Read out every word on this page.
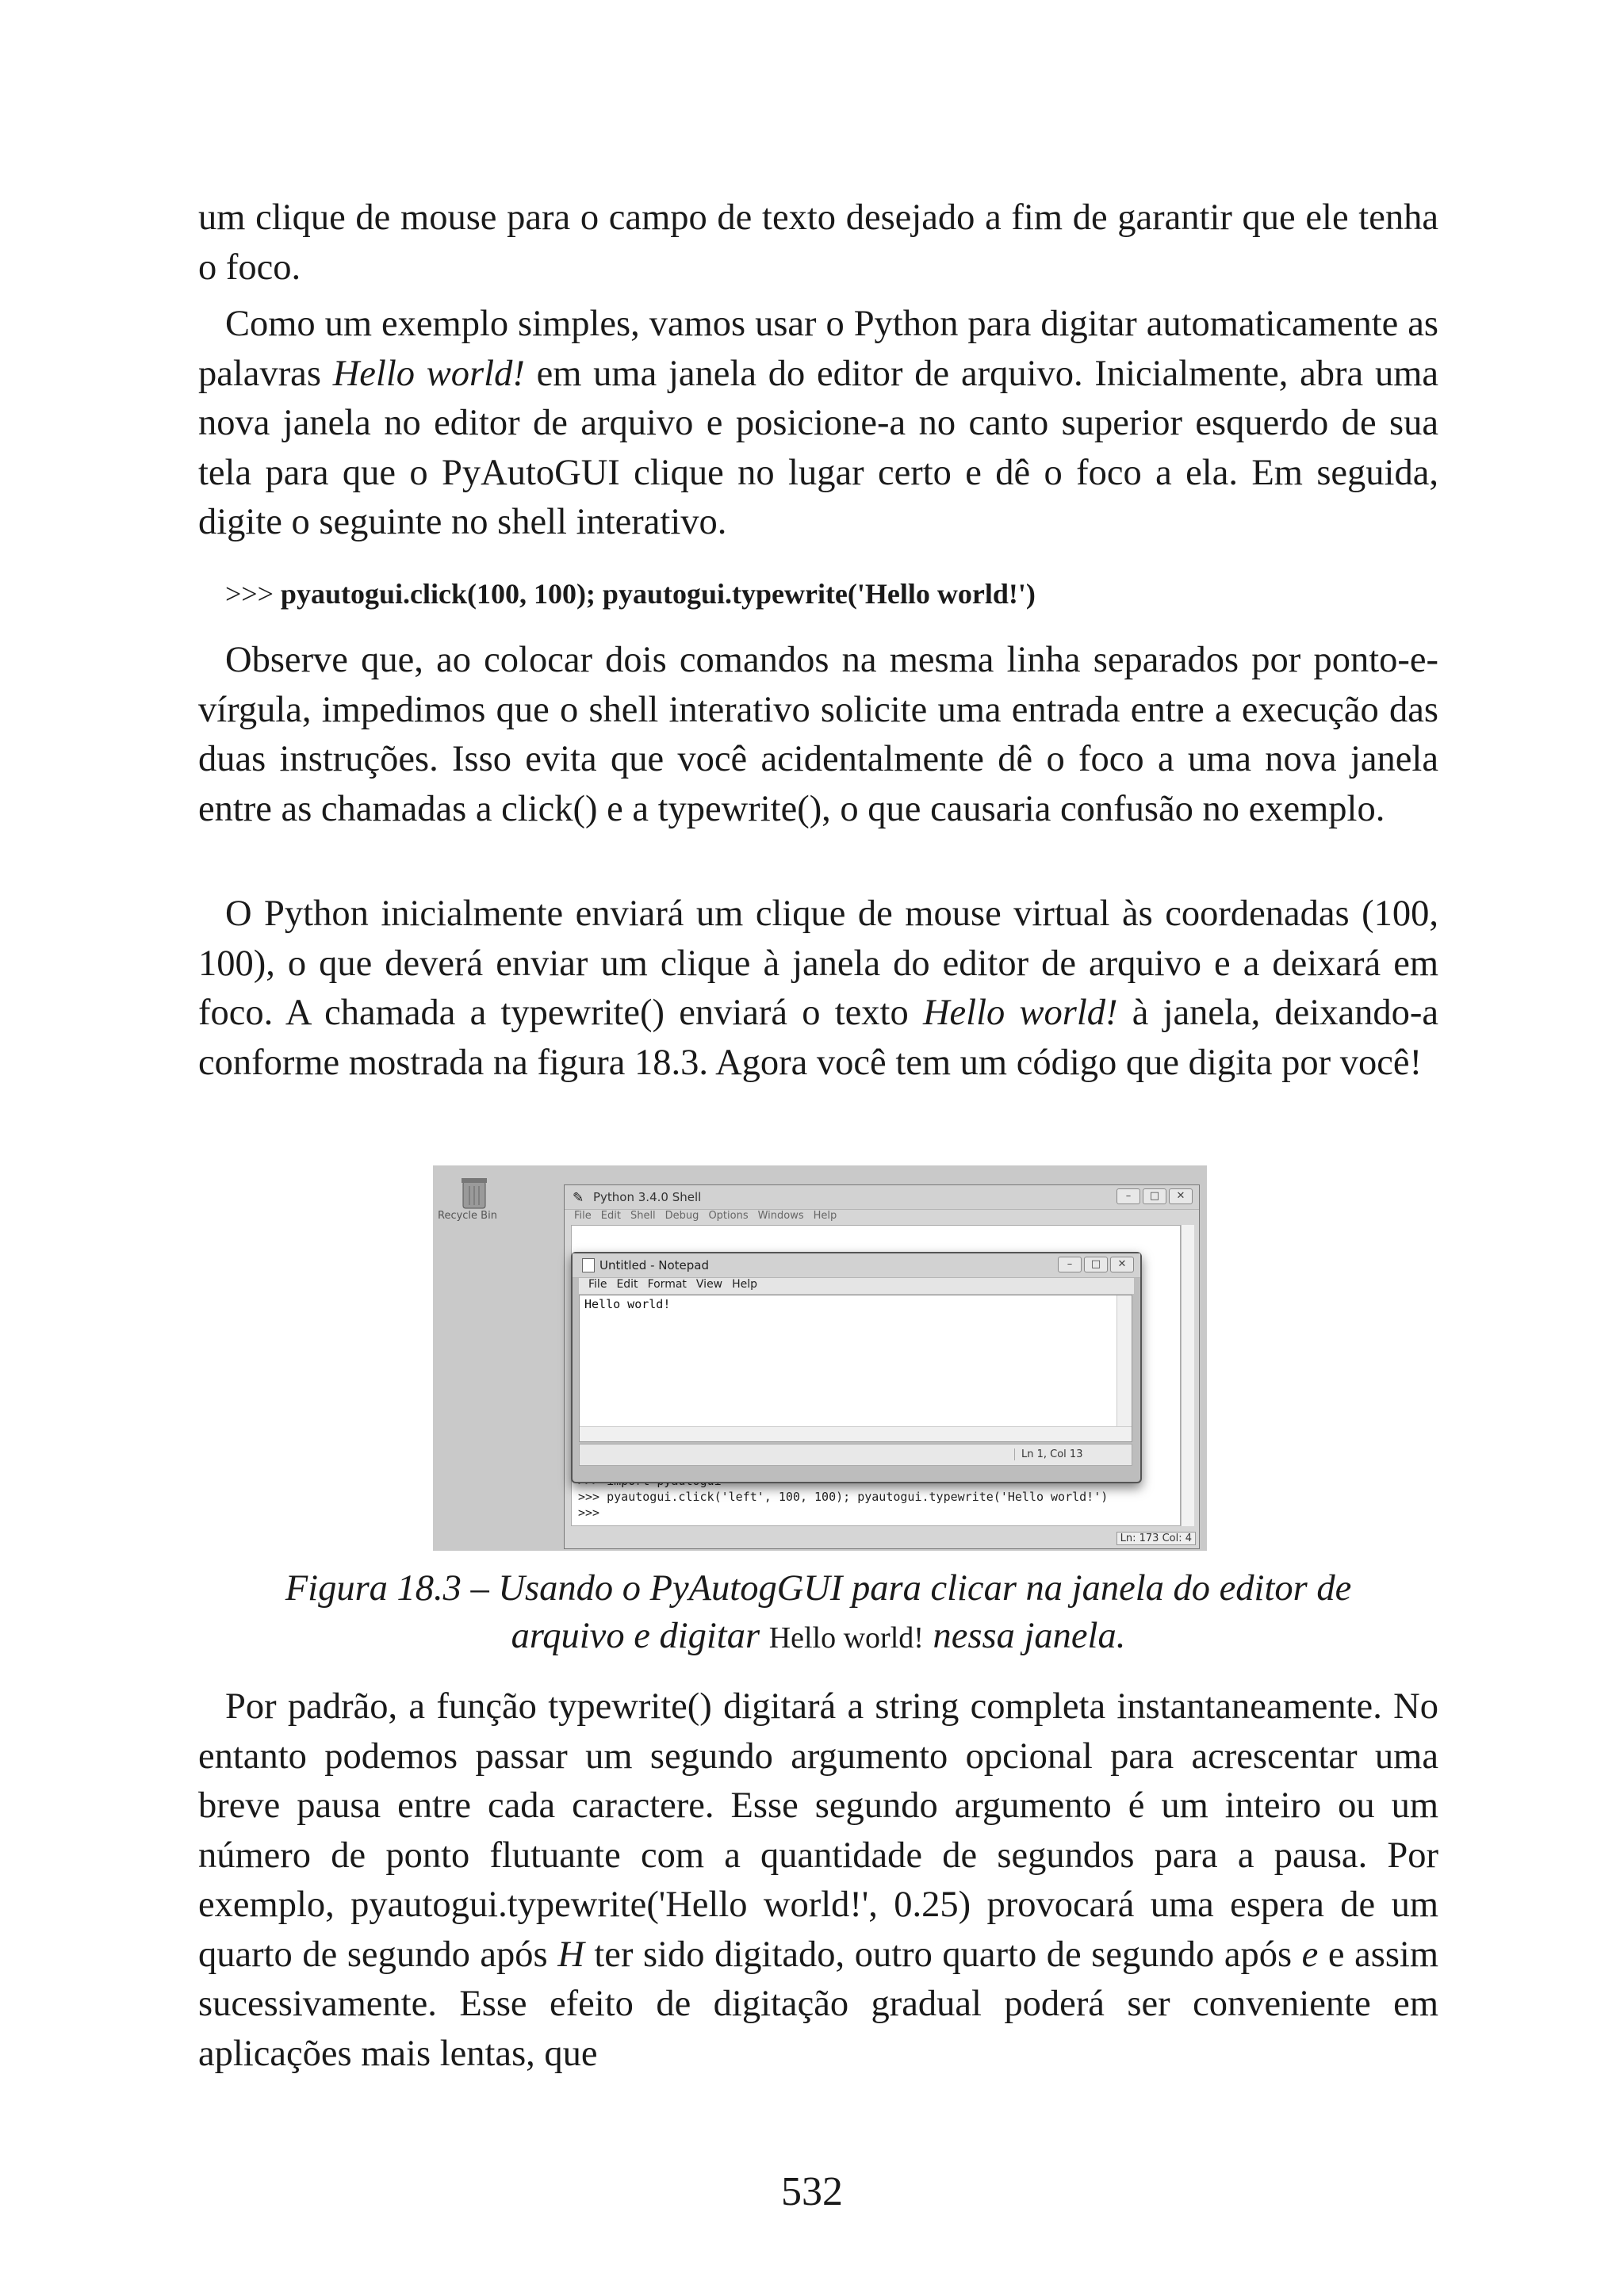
um clique de mouse para o campo de texto desejado a fim de garantir que ele tenha o foco.

Como um exemplo simples, vamos usar o Python para digitar automaticamente as palavras Hello world! em uma janela do editor de arquivo. Inicialmente, abra uma nova janela no editor de arquivo e posicione-a no canto superior esquerdo de sua tela para que o PyAutoGUI clique no lugar certo e dê o foco a ela. Em seguida, digite o seguinte no shell interativo.

>>> pyautogui.click(100, 100); pyautogui.typewrite('Hello world!')

Observe que, ao colocar dois comandos na mesma linha separados por ponto-e-vírgula, impedimos que o shell interativo solicite uma entrada entre a execução das duas instruções. Isso evita que você acidentalmente dê o foco a uma nova janela entre as chamadas a click() e a typewrite(), o que causaria confusão no exemplo.

O Python inicialmente enviará um clique de mouse virtual às coordenadas (100, 100), o que deverá enviar um clique à janela do editor de arquivo e a deixará em foco. A chamada a typewrite() enviará o texto Hello world! à janela, deixando-a conforme mostrada na figura 18.3. Agora você tem um código que digita por você!

Figura 18.3 – Usando o PyAutogGUI para clicar na janela do editor de
arquivo e digitar Hello world! nessa janela.

Por padrão, a função typewrite() digitará a string completa instantaneamente. No entanto podemos passar um segundo argumento opcional para acrescentar uma breve pausa entre cada caractere. Esse segundo argumento é um inteiro ou um número de ponto flutuante com a quantidade de segundos para a pausa. Por exemplo, pyautogui.typewrite('Hello world!', 0.25) provocará uma espera de um quarto de segundo após H ter sido digitado, outro quarto de segundo após e e assim sucessivamente. Esse efeito de digitação gradual poderá ser conveniente em aplicações mais lentas, que

Recycle Bin
✎ Python 3.4.0 Shell	–	□	✕
File Edit Shell Debug Options Windows Help
>>> pyautogui.click('left', 100, 100); pyautogui.typewrite('Hello world!')
>>>
Ln: 173 Col: 4
Untitled - Notepad	–	□	✕
File Edit Format View Help
Hello world!
Ln 1, Col 13
532
